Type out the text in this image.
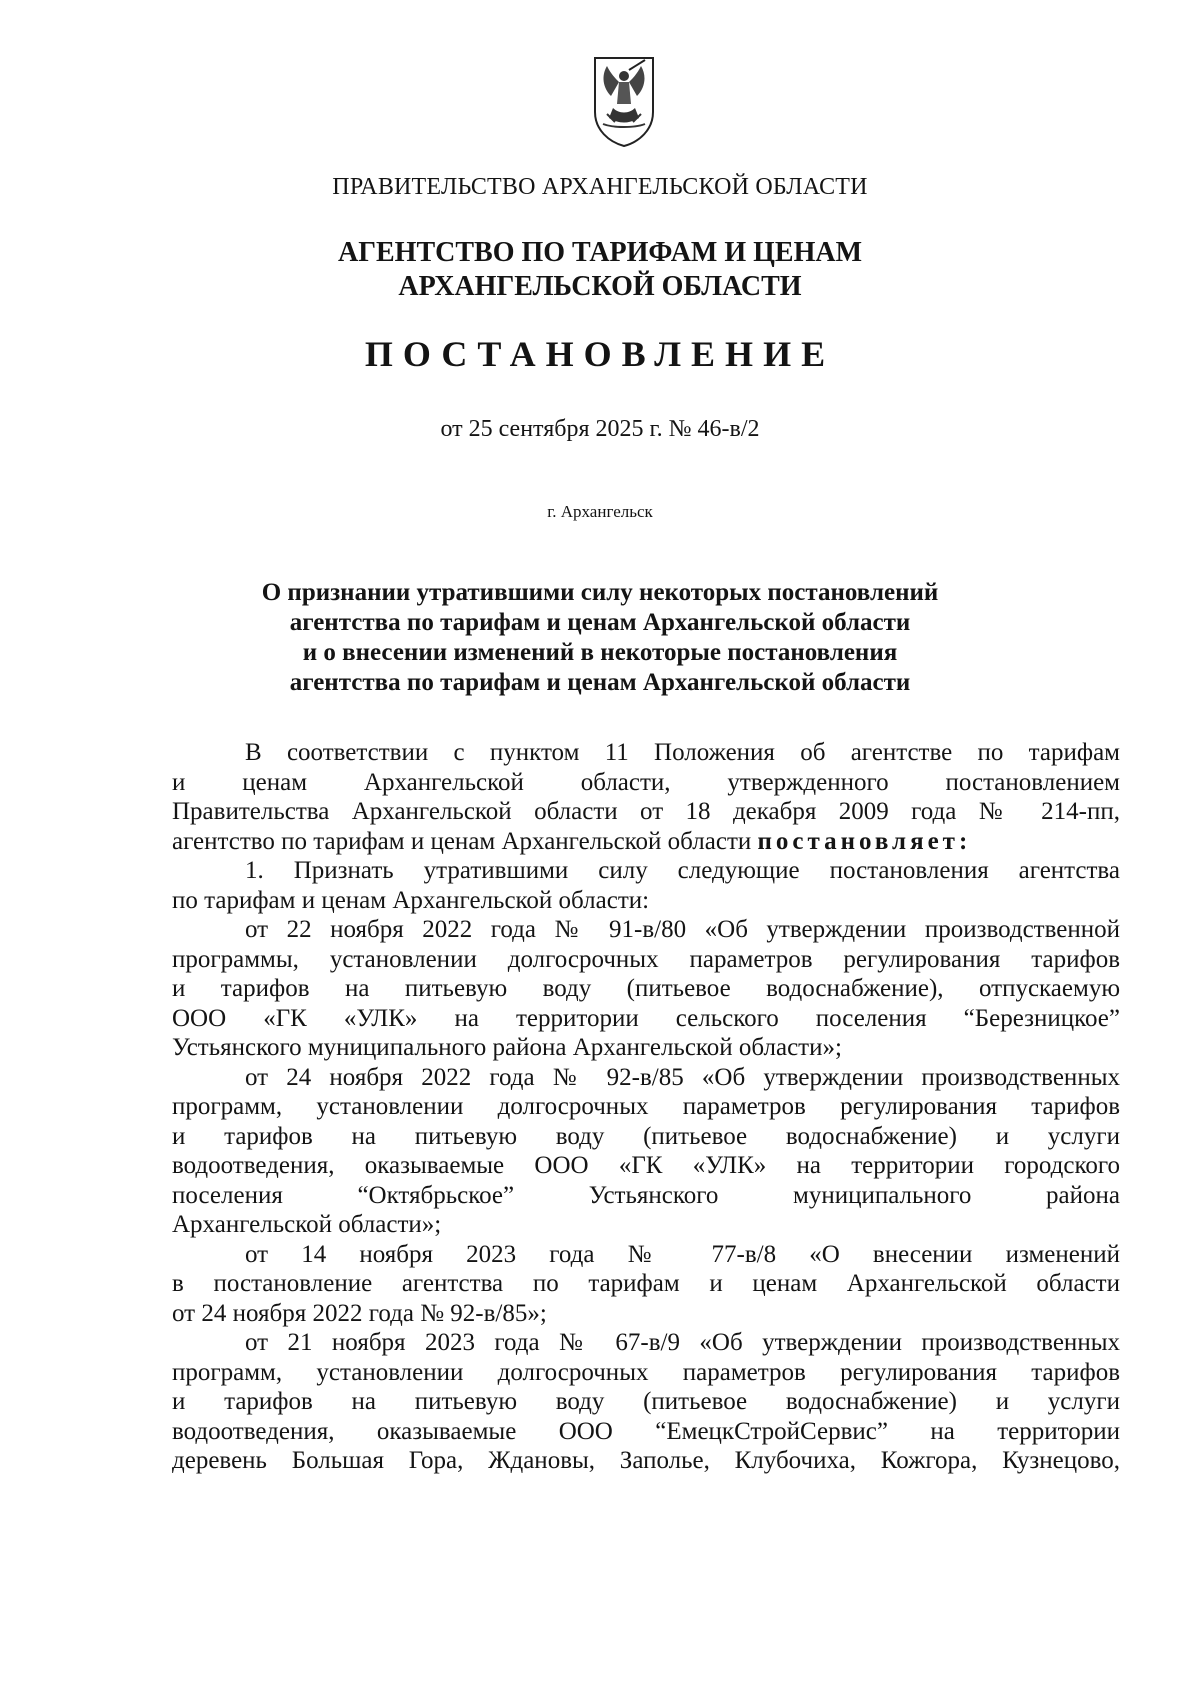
ПРАВИТЕЛЬСТВО АРХАНГЕЛЬСКОЙ ОБЛАСТИ
АГЕНТСТВО ПО ТАРИФАМ И ЦЕНАМ
АРХАНГЕЛЬСКОЙ ОБЛАСТИ
ПОСТАНОВЛЕНИЕ
от 25 сентября 2025 г. № 46-в/2
г. Архангельск
О признании утратившими силу некоторых постановлений
агентства по тарифам и ценам Архангельской области
и о внесении изменений в некоторые постановления
агентства по тарифам и ценам Архангельской области
В соответствии с пунктом 11 Положения об агентстве по тарифам
и ценам Архангельской области, утвержденного постановлением
Правительства Архангельской области от 18 декабря 2009 года № 214-пп,
агентство по тарифам и ценам Архангельской области постановляет:
1. Признать утратившими силу следующие постановления агентства
по тарифам и ценам Архангельской области:
от 22 ноября 2022 года № 91-в/80 «Об утверждении производственной
программы, установлении долгосрочных параметров регулирования тарифов
и тарифов на питьевую воду (питьевое водоснабжение), отпускаемую
ООО «ГК «УЛК» на территории сельского поселения “Березницкое”
Устьянского муниципального района Архангельской области»;
от 24 ноября 2022 года № 92-в/85 «Об утверждении производственных
программ, установлении долгосрочных параметров регулирования тарифов
и тарифов на питьевую воду (питьевое водоснабжение) и услуги
водоотведения, оказываемые ООО «ГК «УЛК» на территории городского
поселения “Октябрьское” Устьянского муниципального района
Архангельской области»;
от 14 ноября 2023 года № 77-в/8 «О внесении изменений
в постановление агентства по тарифам и ценам Архангельской области
от 24 ноября 2022 года № 92-в/85»;
от 21 ноября 2023 года № 67-в/9 «Об утверждении производственных
программ, установлении долгосрочных параметров регулирования тарифов
и тарифов на питьевую воду (питьевое водоснабжение) и услуги
водоотведения, оказываемые ООО “ЕмецкСтройСервис” на территории
деревень Большая Гора, Ждановы, Заполье, Клубочиха, Кожгора, Кузнецово,
